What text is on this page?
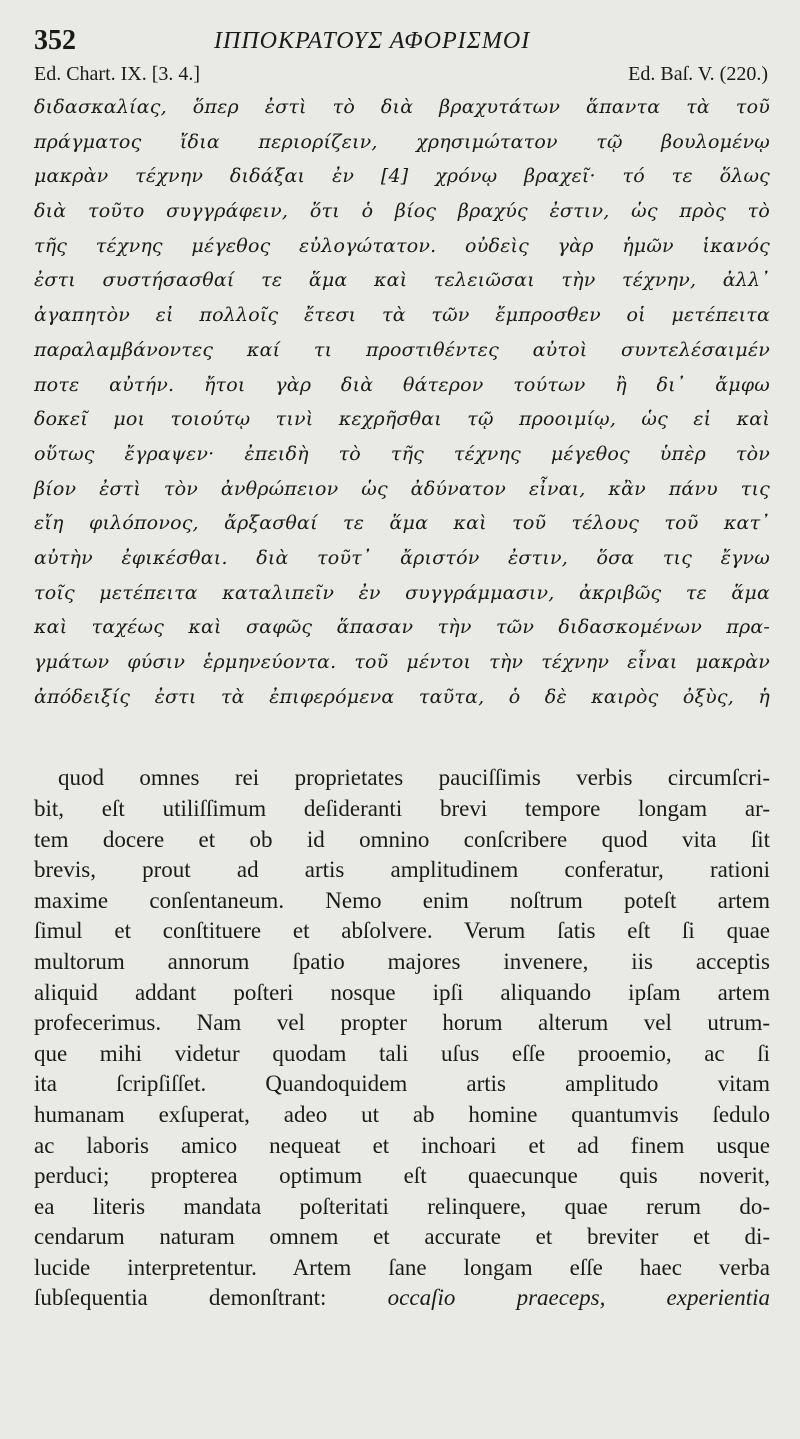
352	ΙΠΠΟΚΡΑΤΟΥΣ ΑΦΟΡΙΣΜΟΙ
Ed. Chart. IX. [3. 4.]	Ed. Baſ. V. (220.)
διδασκαλίας, ὅπερ ἐστὶ τὸ διὰ βραχυτάτων ἅπαντα τὰ τοῦ
πράγματος ἴδια περιορίζειν, χρησιμώτατον τῷ βουλομένῳ
μακρὰν τέχνην διδάξαι ἐν [4] χρόνῳ βραχεῖ· τό τε ὅλως
διὰ τοῦτο συγγράφειν, ὅτι ὁ βίος βραχύς ἐστιν, ὡς πρὸς τὸ
τῆς τέχνης μέγεθος εὐλογώτατον. οὐδεὶς γὰρ ἡμῶν ἱκανός
ἐστι συστήσασθαί τε ἅμα καὶ τελειῶσαι τὴν τέχνην, ἀλλ᾽
ἀγαπητὸν εἰ πολλοῖς ἔτεσι τὰ τῶν ἔμπροσθεν οἱ μετέπειτα
παραλαμβάνοντες καί τι προστιθέντες αὐτοὶ συντελέσαιμέν
ποτε αὐτήν. ἤτοι γὰρ διὰ θάτερον τούτων ἢ δι᾽ ἄμφω
δοκεῖ μοι τοιούτῳ τινὶ κεχρῆσθαι τῷ προοιμίῳ, ὡς εἰ καὶ
οὕτως ἔγραψεν· ἐπειδὴ τὸ τῆς τέχνης μέγεθος ὑπὲρ τὸν
βίον ἐστὶ τὸν ἀνθρώπειον ὡς ἀδύνατον εἶναι, κἂν πάνυ τις
εἴη φιλόπονος, ἄρξασθαί τε ἅμα καὶ τοῦ τέλους τοῦ κατ᾽
αὐτὴν ἐφικέσθαι. διὰ τοῦτ᾽ ἄριστόν ἐστιν, ὅσα τις ἔγνω
τοῖς μετέπειτα καταλιπεῖν ἐν συγγράμμασιν, ἀκριβῶς τε ἅμα
καὶ ταχέως καὶ σαφῶς ἅπασαν τὴν τῶν διδασκομένων πρα-
γμάτων φύσιν ἑρμηνεύοντα. τοῦ μέντοι τὴν τέχνην εἶναι μακρὰν
ἀπόδειξίς ἐστι τὰ ἐπιφερόμενα ταῦτα, ὁ δὲ καιρὸς ὀξὺς, ἡ
quod omnes rei proprietates pauciſſimis verbis circumſcri-
bit, eſt utiliſſimum deſideranti brevi tempore longam ar-
tem docere et ob id omnino conſcribere quod vita ſit
brevis, prout ad artis amplitudinem conferatur, rationi
maxime conſentaneum. Nemo enim noſtrum poteſt artem
ſimul et conſtituere et abſolvere. Verum ſatis eſt ſi quae
multorum annorum ſpatio majores invenere, iis acceptis
aliquid addant poſteri nosque ipſi aliquando ipſam artem
profecerimus. Nam vel propter horum alterum vel utrum-
que mihi videtur quodam tali uſus eſſe prooemio, ac ſi
ita ſcripſiſſet. Quandoquidem artis amplitudo vitam
humanam exſuperat, adeo ut ab homine quantumvis ſedulo
ac laboris amico nequeat et inchoari et ad finem usque
perduci; propterea optimum eſt quaecunque quis noverit,
ea literis mandata poſteritati relinquere, quae rerum do-
cendarum naturam omnem et accurate et breviter et di-
lucide interpretentur. Artem ſane longam eſſe haec verba
ſubſequentia demonſtrant:	occaſio praeceps, experientia
